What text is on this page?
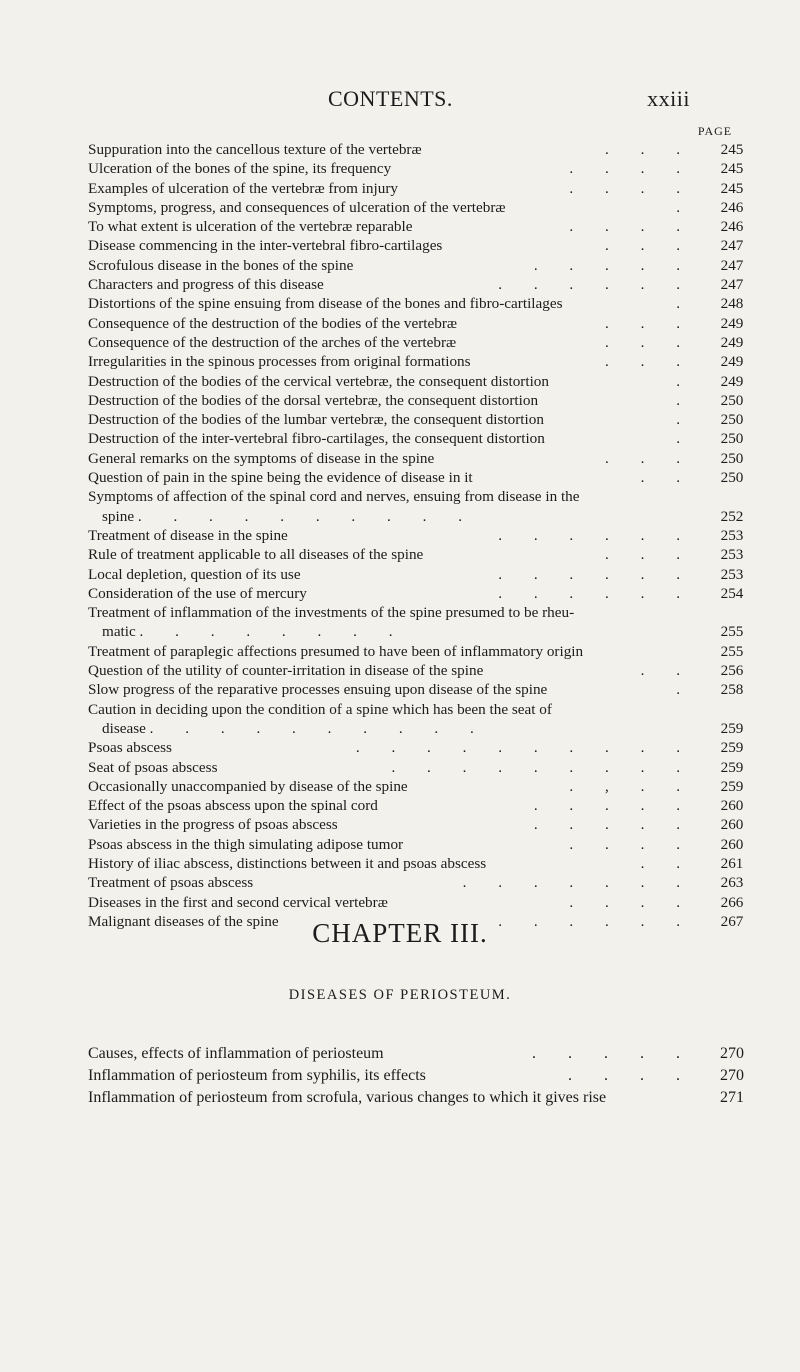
CONTENTS.	xxiii
PAGE
Suppuration into the cancellous texture of the vertebræ	. . .	245
Ulceration of the bones of the spine, its frequency	. . . .	245
Examples of ulceration of the vertebræ from injury	. . . .	245
Symptoms, progress, and consequences of ulceration of the vertebræ	.	246
To what extent is ulceration of the vertebræ reparable	. . . .	246
Disease commencing in the inter-vertebral fibro-cartilages	. . .	247
Scrofulous disease in the bones of the spine	. . . . .	247
Characters and progress of this disease	. . . . . .	247
Distortions of the spine ensuing from disease of the bones and fibro-cartilages	.	248
Consequence of the destruction of the bodies of the vertebræ	. . .	249
Consequence of the destruction of the arches of the vertebræ	. . .	249
Irregularities in the spinous processes from original formations	. . .	249
Destruction of the bodies of the cervical vertebræ, the consequent distortion	.	249
Destruction of the bodies of the dorsal vertebræ, the consequent distortion	.	250
Destruction of the bodies of the lumbar vertebræ, the consequent distortion	.	250
Destruction of the inter-vertebral fibro-cartilages, the consequent distortion	.	250
General remarks on the symptoms of disease in the spine	. . .	250
Question of pain in the spine being the evidence of disease in it	. .	250
Symptoms of affection of the spinal cord and nerves, ensuing from disease in the
spine . . . . . . . . . .	252
Treatment of disease in the spine	. . . . . .	253
Rule of treatment applicable to all diseases of the spine	. . .	253
Local depletion, question of its use	. . . . . .	253
Consideration of the use of mercury	. . . . . .	254
Treatment of inflammation of the investments of the spine presumed to be rheu-
matic . . . . . . . .	255
Treatment of paraplegic affections presumed to have been of inflammatory origin	255
Question of the utility of counter-irritation in disease of the spine	. .	256
Slow progress of the reparative processes ensuing upon disease of the spine	.	258
Caution in deciding upon the condition of a spine which has been the seat of
disease . . . . . . . . . .	259
Psoas abscess	. . . . . . . . . .	259
Seat of psoas abscess	. . . . . . . . .	259
Occasionally unaccompanied by disease of the spine	. , . .	259
Effect of the psoas abscess upon the spinal cord	. . . . .	260
Varieties in the progress of psoas abscess	. . . . .	260
Psoas abscess in the thigh simulating adipose tumor	. . . .	260
History of iliac abscess, distinctions between it and psoas abscess	. .	261
Treatment of psoas abscess	. . . . . . .	263
Diseases in the first and second cervical vertebræ	. . . .	266
Malignant diseases of the spine	. . . . . . .	267
CHAPTER III.
DISEASES OF PERIOSTEUM.
Causes, effects of inflammation of periosteum	. . . . .	270
Inflammation of periosteum from syphilis, its effects	. . . .	270
Inflammation of periosteum from scrofula, various changes to which it gives rise	271
